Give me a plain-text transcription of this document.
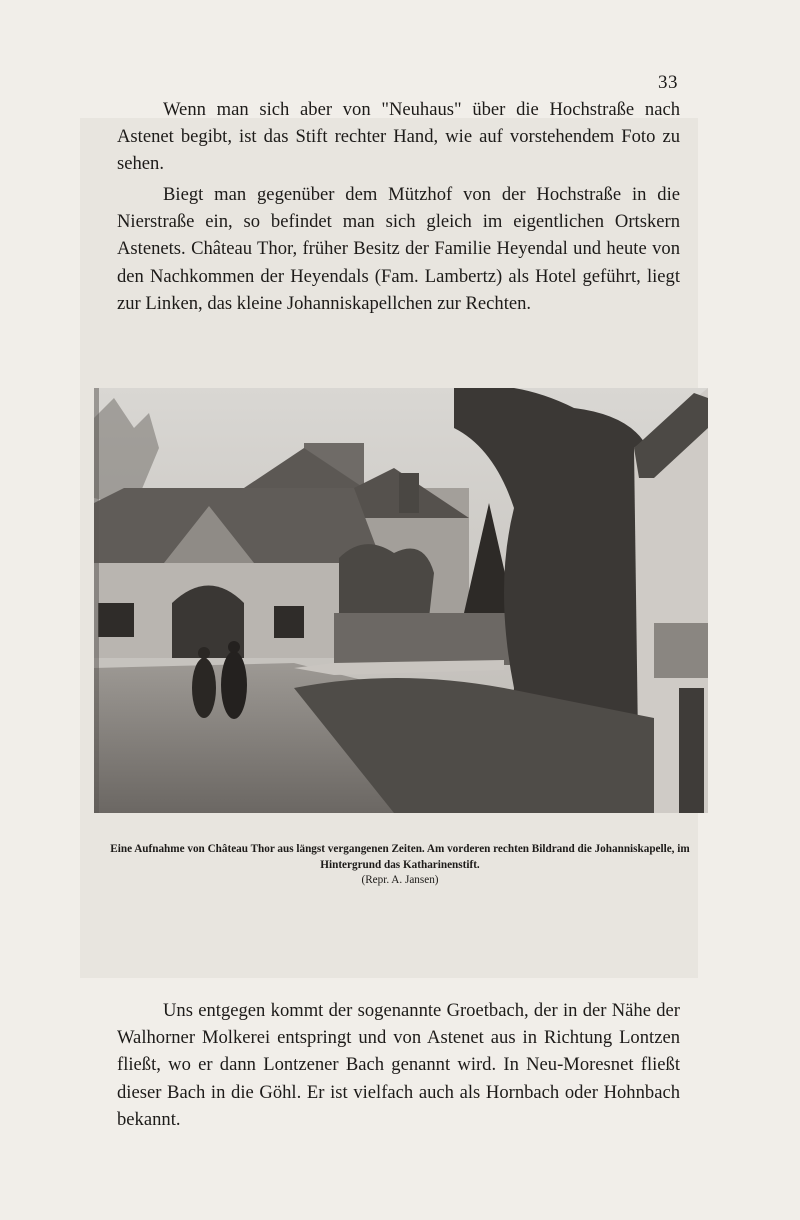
33

Wenn man sich aber von "Neuhaus" über die Hochstraße nach Astenet begibt, ist das Stift rechter Hand, wie auf vorstehendem Foto zu sehen.

Biegt man gegenüber dem Mützhof von der Hochstraße in die Nierstraße ein, so befindet man sich gleich im eigentlichen Ortskern Astenets. Château Thor, früher Besitz der Familie Heyendal und heute von den Nachkommen der Heyendals (Fam. Lambertz) als Hotel geführt, liegt zur Linken, das kleine Johanniskapellchen zur Rechten.

Eine Aufnahme von Château Thor aus längst vergangenen Zeiten. Am vorderen rechten Bildrand die Johanniskapelle, im Hintergrund das Katharinenstift.
(Repr. A. Jansen)

Uns entgegen kommt der sogenannte Groetbach, der in der Nähe der Walhorner Molkerei entspringt und von Astenet aus in Richtung Lontzen fließt, wo er dann Lontzener Bach genannt wird. In Neu-Moresnet fließt dieser Bach in die Göhl. Er ist vielfach auch als Hornbach oder Hohnbach bekannt.
